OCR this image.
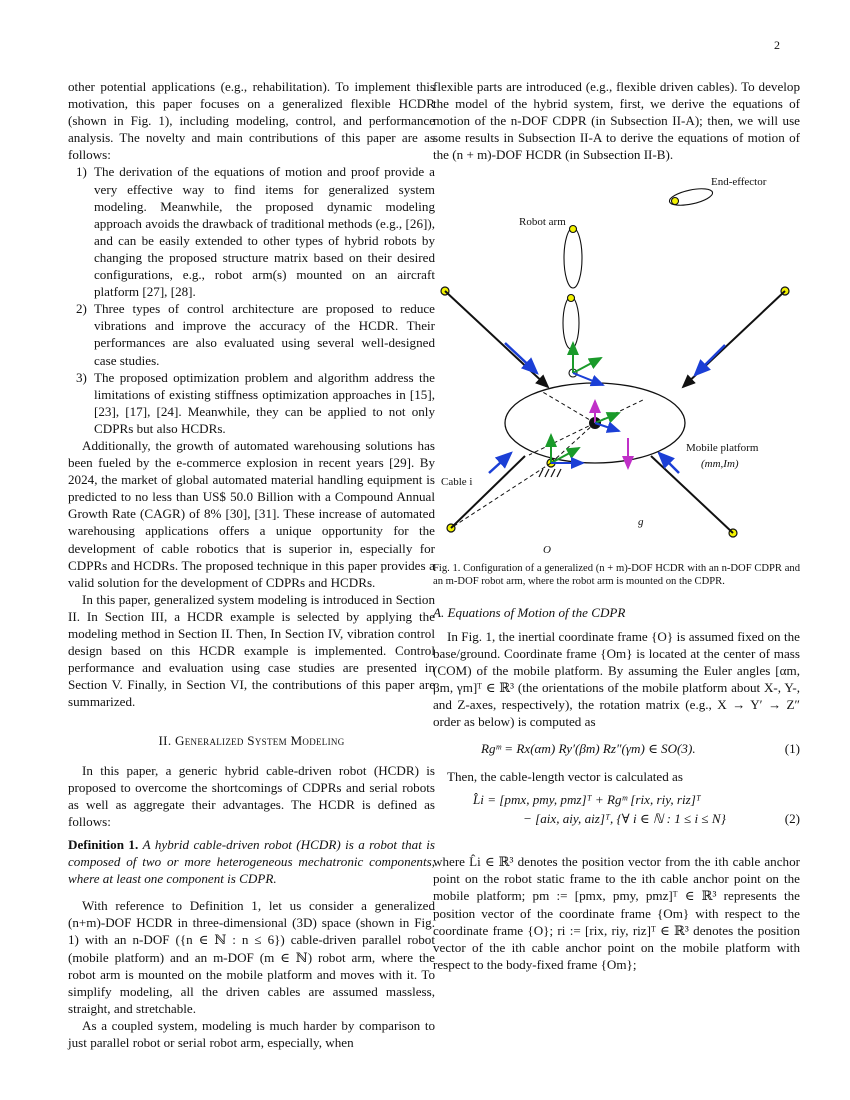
2

other potential applications (e.g., rehabilitation). To implement this motivation, this paper focuses on a generalized flexible HCDR (shown in Fig. 1), including modeling, control, and performance analysis. The novelty and main contributions of this paper are as follows:

1) The derivation of the equations of motion and proof provide a very effective way to find items for generalized system modeling. Meanwhile, the proposed dynamic modeling approach avoids the drawback of traditional methods (e.g., [26]), and can be easily extended to other types of hybrid robots by changing the proposed structure matrix based on their desired configurations, e.g., robot arm(s) mounted on an aircraft platform [27], [28].
2) Three types of control architecture are proposed to reduce vibrations and improve the accuracy of the HCDR. Their performances are also evaluated using several well-designed case studies.
3) The proposed optimization problem and algorithm address the limitations of existing stiffness optimization approaches in [15], [23], [17], [24]. Meanwhile, they can be applied to not only CDPRs but also HCDRs.

Additionally, the growth of automated warehousing solutions has been fueled by the e-commerce explosion in recent years [29]. By 2024, the market of global automated material handling equipment is predicted to no less than US$ 50.0 Billion with a Compound Annual Growth Rate (CAGR) of 8% [30], [31]. These increase of automated warehousing applications offers a unique opportunity for the development of cable robotics that is superior in, especially for CDPRs and HCDRs. The proposed technique in this paper provides a valid solution for the development of CDPRs and HCDRs.

In this paper, generalized system modeling is introduced in Section II. In Section III, a HCDR example is selected by applying the modeling method in Section II. Then, In Section IV, vibration control design based on this HCDR example is implemented. Control performance and evaluation using case studies are presented in Section V. Finally, in Section VI, the contributions of this paper are summarized.

II. Generalized System Modeling

In this paper, a generic hybrid cable-driven robot (HCDR) is proposed to overcome the shortcomings of CDPRs and serial robots as well as aggregate their advantages. The HCDR is defined as follows:

Definition 1. A hybrid cable-driven robot (HCDR) is a robot that is composed of two or more heterogeneous mechatronic components, where at least one component is CDPR.

With reference to Definition 1, let us consider a generalized (n+m)-DOF HCDR in three-dimensional (3D) space (shown in Fig. 1) with an n-DOF ({n ∈ ℕ : n ≤ 6}) cable-driven parallel robot (mobile platform) and an m-DOF (m ∈ ℕ) robot arm, where the robot arm is mounted on the mobile platform and moves with it. To simplify modeling, all the driven cables are assumed massless, straight, and stretchable.

As a coupled system, modeling is much harder by comparison to just parallel robot or serial robot arm, especially, when

flexible parts are introduced (e.g., flexible driven cables). To develop the model of the hybrid system, first, we derive the equations of motion of the n-DOF CDPR (in Subsection II-A); then, we will use some results in Subsection II-A to derive the equations of motion of the (n + m)-DOF HCDR (in Subsection II-B).

End-effector
Robot arm
Mobile platform
(mm,Im)
Cable i
g
O
Fig. 1. Configuration of a generalized (n + m)-DOF HCDR with an n-DOF CDPR and an m-DOF robot arm, where the robot arm is mounted on the CDPR.
A. Equations of Motion of the CDPR

In Fig. 1, the inertial coordinate frame {O} is assumed fixed on the base/ground. Coordinate frame {Om} is located at the center of mass (COM) of the mobile platform. By assuming the Euler angles [αm, βm, γm]ᵀ ∈ ℝ³ (the orientations of the mobile platform about X-, Y-, and Z-axes, respectively), the rotation matrix (e.g., X → Y′ → Z″ order as below) is computed as

Rgᵐ = Rx(αm) Ry′(βm) Rz″(γm) ∈ SO(3).	(1)

Then, the cable-length vector is calculated as

L̂i = [pmx, pmy, pmz]ᵀ + Rgᵐ [rix, riy, riz]ᵀ
− [aix, aiy, aiz]ᵀ, {∀ i ∈ ℕ : 1 ≤ i ≤ N}	(2)

where L̂i ∈ ℝ³ denotes the position vector from the ith cable anchor point on the robot static frame to the ith cable anchor point on the mobile platform; pm := [pmx, pmy, pmz]ᵀ ∈ ℝ³ represents the position vector of the coordinate frame {Om} with respect to the coordinate frame {O}; ri := [rix, riy, riz]ᵀ ∈ ℝ³ denotes the position vector of the ith cable anchor point on the mobile platform with respect to the body-fixed frame {Om};
